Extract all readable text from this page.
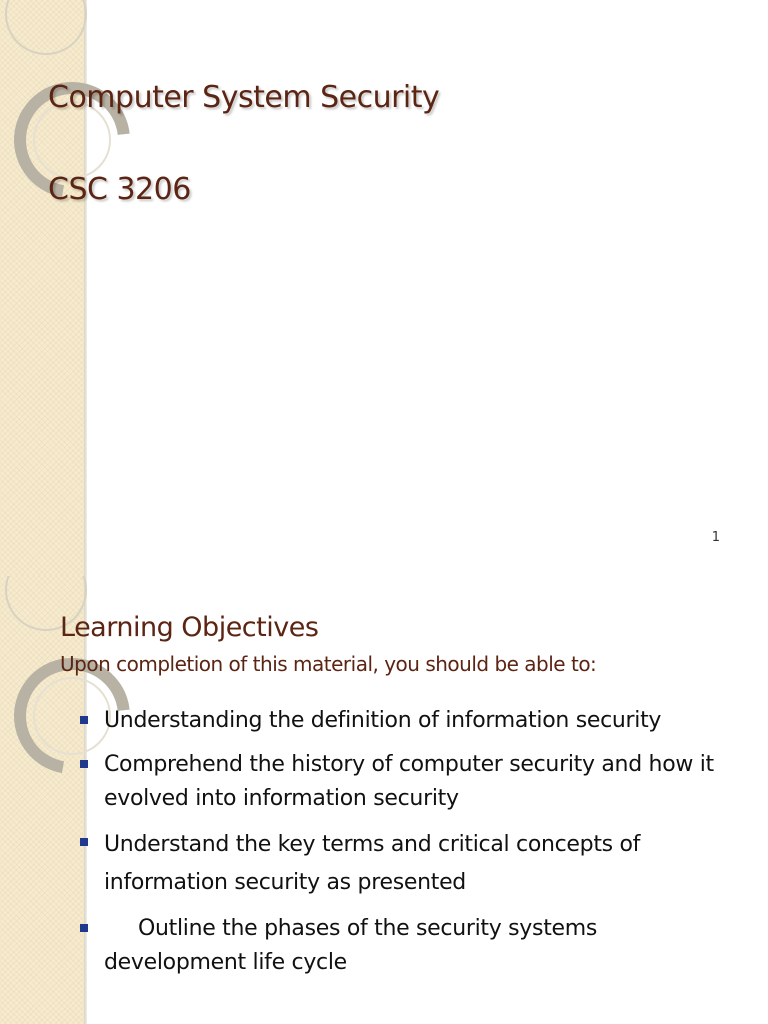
Computer System Security
CSC 3206
1
Learning Objectives
Upon completion of this material, you should be able to:
Understanding the definition of information security
Comprehend the history of computer security and how it evolved into information security
Understand the key terms and critical concepts of information security as presented
Outline the phases of the security systems development life cycle
